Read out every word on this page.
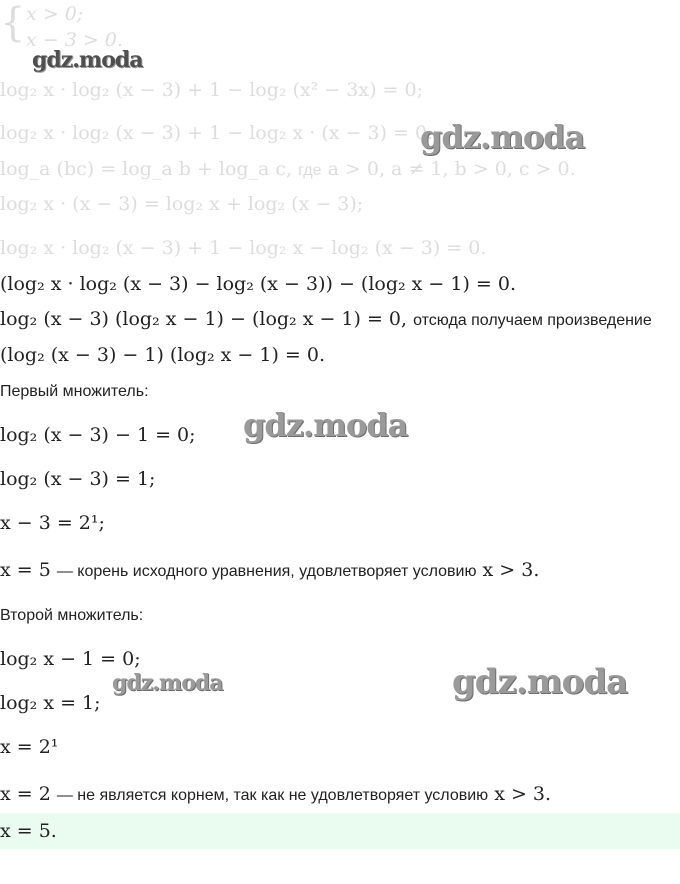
{ x > 0;
x − 3 > 0.
log₂ x · log₂ (x − 3) + 1 − log₂ (x² − 3x) = 0;
log₂ x · log₂ (x − 3) + 1 − log₂ x · (x − 3) = 0.
log_a (bc) = log_a b + log_a c, где a > 0, a ≠ 1, b > 0, c > 0.
log₂ x · (x − 3) = log₂ x + log₂ (x − 3);
log₂ x · log₂ (x − 3) + 1 − log₂ x − log₂ (x − 3) = 0.
(log₂ x · log₂ (x − 3) − log₂ (x − 3)) − (log₂ x − 1) = 0.
log₂ (x − 3) (log₂ x − 1) − (log₂ x − 1) = 0, отсюда получаем произведение
(log₂ (x − 3) − 1) (log₂ x − 1) = 0.
Первый множитель:
log₂ (x − 3) − 1 = 0;
log₂ (x − 3) = 1;
x − 3 = 2¹;
x = 5 — корень исходного уравнения, удовлетворяет условию x > 3.
Второй множитель:
log₂ x − 1 = 0;
log₂ x = 1;
x = 2¹
x = 2 — не является корнем, так как не удовлетворяет условию x > 3.
x = 5.
gdz.moda
gdz.moda
gdz.moda
gdz.moda	gdz.moda
